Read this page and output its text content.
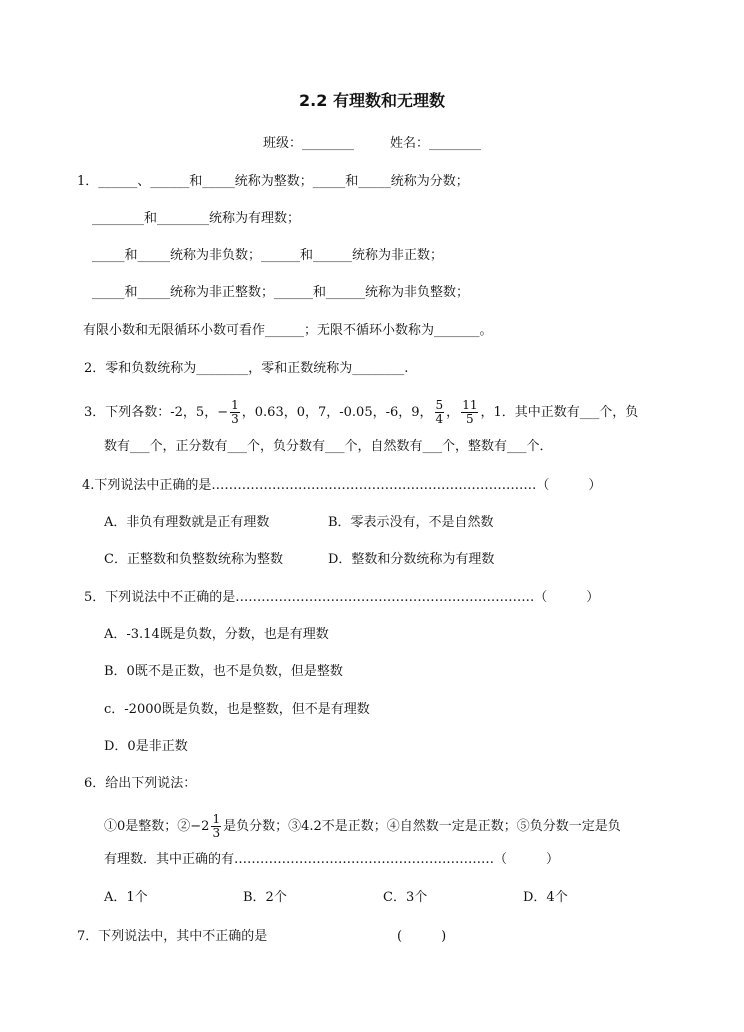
2.2 有理数和无理数
班级：________	姓名：________
1．______、______和_____统称为整数；_____和_____统称为分数；
________和________统称为有理数；
_____和_____统称为非负数；______和______统称为非正数；
_____和_____统称为非正整数；______和______统称为非负整数；
有限小数和无限循环小数可看作______；无限不循环小数称为_______。
2．零和负数统称为________，零和正数统称为________.
3．下列各数：-2，5，− $\frac{1}{3}$ ，0.63，0，7，-0.05，-6，9， $\frac{5}{4}$ ， $\frac{11}{5}$ ，1．其中正数有___个，负
数有___个，正分数有___个，负分数有___个，自然数有___个，整数有___个．
4.下列说法中正确的是…………………………………………………………………（　　　）
A．非负有理数就是正有理数	B．零表示没有，不是自然数
C．正整数和负整数统称为整数	D．整数和分数统称为有理数
5．下列说法中不正确的是……………………………………………………………（　　　）
A．-3.14既是负数，分数，也是有理数
B．0既不是正数，也不是负数，但是整数
c．-2000既是负数，也是整数，但不是有理数
D．0是非正数
6．给出下列说法：
①0是整数；②−2 $\frac{1}{3}$ 是负分数；③4.2不是正数；④自然数一定是正数；⑤负分数一定是负
有理数．其中正确的有……………………………………………………（　　　）
A．1个	B．2个	C．3个	D．4个
7．下列说法中，其中不正确的是	(　　　)
